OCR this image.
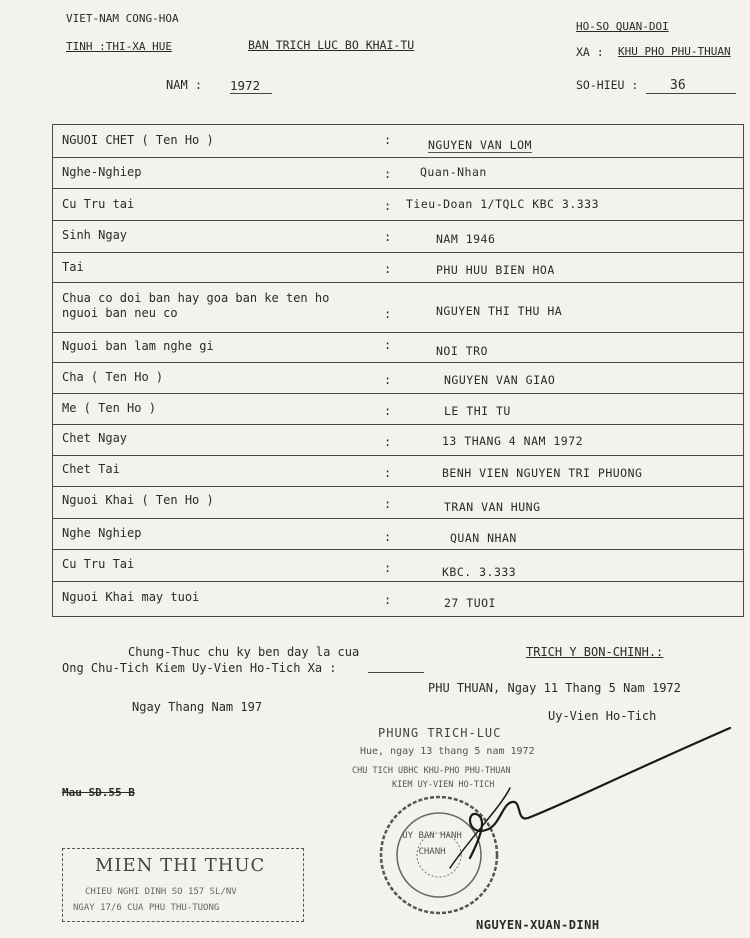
VIET-NAM CONG-HOA
TINH :THI-XA HUE	BAN TRICH LUC BO KHAI-TU
NAM : 1972
HO-SO QUAN-DOI
XA : KHU PHO PHU-THUAN
SO-HIEU :	36
NGUOI CHET ( Ten Ho )	:	NGUYEN VAN LOM
Nghe-Nghiep	:	Quan-Nhan
Cu Tru tai	: Tieu-Doan 1/TQLC KBC 3.333
Sinh Ngay	:	NAM 1946
Tai	:	PHU HUU BIEN HOA
Chua co doi ban hay goa ban ke ten ho nguoi ban neu co	:	NGUYEN THI THU HA
Nguoi ban lam nghe gi	:	NOI TRO
Cha ( Ten Ho )	:	NGUYEN VAN GIAO
Me ( Ten Ho )	:	LE THI TU
Chet Ngay	:	13 THANG 4 NAM 1972
Chet Tai	:	BENH VIEN NGUYEN TRI PHUONG
Nguoi Khai ( Ten Ho )	:	TRAN VAN HUNG
Nghe Nghiep	:	QUAN NHAN
Cu Tru Tai	:	KBC. 3.333
Nguoi Khai may tuoi	:	27 TUOI
Chung-Thuc chu ky ben day la cua
Ong Chu-Tich Kiem Uy-Vien Ho-Tich Xa :
TRICH Y BON-CHINH.:
PHU THUAN, Ngay 11 Thang 5 Nam 1972
Ngay Thang Nam 197
Uy-Vien Ho-Tich
Mau SD.55 B
PHUNG TRICH-LUC
Hue, ngay 13 thang 5 nam 1972
CHU TICH UBHC KHU-PHO PHU-THUAN
KIEM UY-VIEN HO-TICH
UY BAN HANH CHANH
NGUYEN-XUAN-DINH
MIEN THI THUC
CHIEU NGHI DINH SO 157 SL/NV
NGAY 17/6 CUA PHU THU-TUONG
